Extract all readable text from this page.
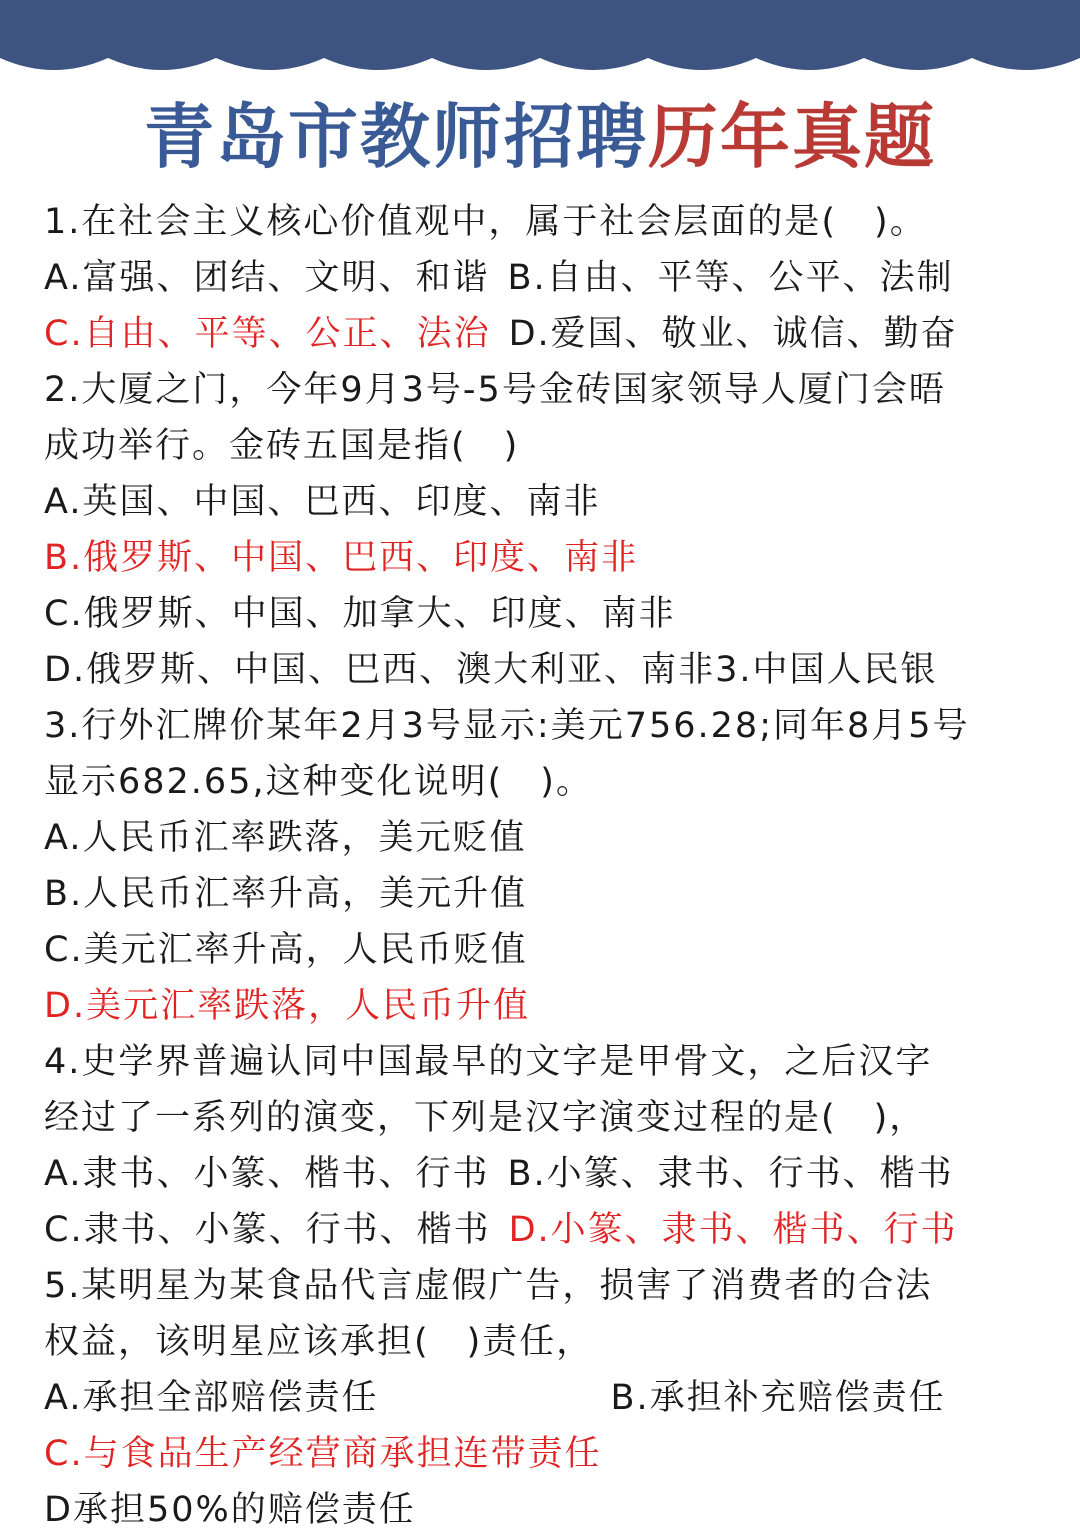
青岛市教师招聘历年真题
1.在社会主义核心价值观中，属于社会层面的是(　)。
A.富强、团结、文明、和谐 B.自由、平等、公平、法制
C.自由、平等、公正、法治 D.爱国、敬业、诚信、勤奋
2.大厦之门，今年9月3号-5号金砖国家领导人厦门会晤
成功举行。金砖五国是指(　)
A.英国、中国、巴西、印度、南非
B.俄罗斯、中国、巴西、印度、南非
C.俄罗斯、中国、加拿大、印度、南非
D.俄罗斯、中国、巴西、澳大利亚、南非3.中国人民银
3.行外汇牌价某年2月3号显示:美元756.28;同年8月5号
显示682.65,这种变化说明(　)。
A.人民币汇率跌落，美元贬值
B.人民币汇率升高，美元升值
C.美元汇率升高，人民币贬值
D.美元汇率跌落，人民币升值
4.史学界普遍认同中国最早的文字是甲骨文，之后汉字
经过了一系列的演变，下列是汉字演变过程的是(　)，
A.隶书、小篆、楷书、行书 B.小篆、隶书、行书、楷书
C.隶书、小篆、行书、楷书 D.小篆、隶书、楷书、行书
5.某明星为某食品代言虚假广告，损害了消费者的合法
权益，该明星应该承担(　)责任，
A.承担全部赔偿责任	B.承担补充赔偿责任
C.与食品生产经营商承担连带责任
D承担50%的赔偿责任
